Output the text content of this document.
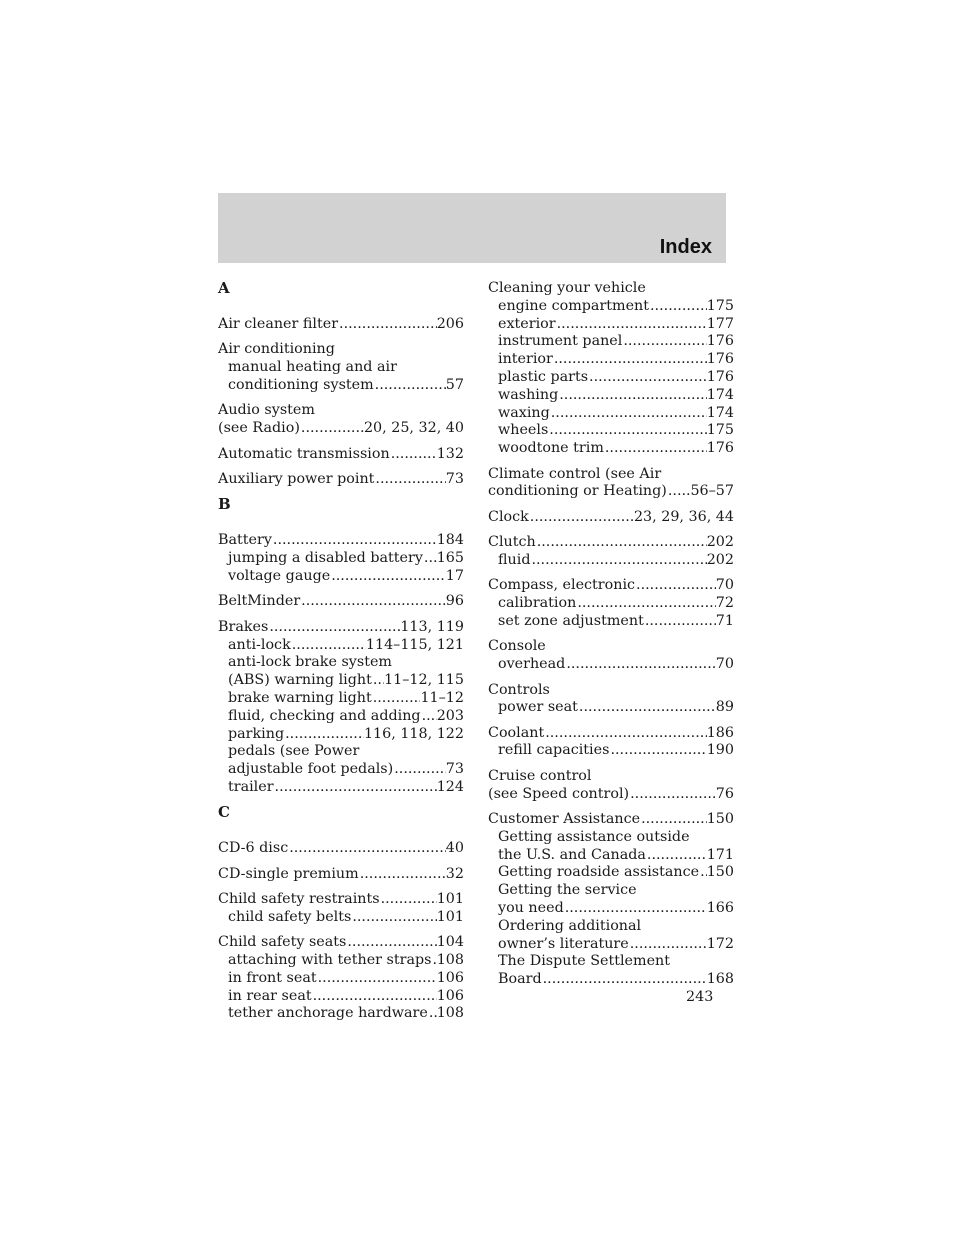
Index
A
Air cleaner filter .....	206
Air conditioning
manual heating and air
conditioning system .....	57
Audio system
(see Radio) .....	20, 25, 32, 40
Automatic transmission .....	132
Auxiliary power point .....	73
B
Battery .....	184
jumping a disabled battery ..... 165
voltage gauge .....	17
BeltMinder .....	96
Brakes .....	113, 119
anti-lock .....	114–115, 121
anti-lock brake system
(ABS) warning light ..... 11–12, 115
brake warning light .....	11–12
fluid, checking and adding ..... 203
parking .....	116, 118, 122
pedals (see Power
adjustable foot pedals) .....	73
trailer .....	124
C
CD-6 disc .....	40
CD-single premium .....	32
Child safety restraints .....	101
child safety belts .....	101
Child safety seats .....	104
attaching with tether straps ..... 108
in front seat .....	106
in rear seat .....	106
tether anchorage hardware ..... 108
Cleaning your vehicle
engine compartment .....	175
exterior .....	177
instrument panel .....	176
interior .....	176
plastic parts .....	176
washing .....	174
waxing .....	174
wheels .....	175
woodtone trim .....	176
Climate control (see Air
conditioning or Heating) ..... 56–57
Clock .....	23, 29, 36, 44
Clutch .....	202
fluid .....	202
Compass, electronic .....	70
calibration .....	72
set zone adjustment .....	71
Console
overhead .....	70
Controls
power seat .....	89
Coolant .....	186
refill capacities .....	190
Cruise control
(see Speed control) .....	76
Customer Assistance .....	150
Getting assistance outside
the U.S. and Canada .....	171
Getting roadside assistance ..... 150
Getting the service
you need .....	166
Ordering additional
owner’s literature .....	172
The Dispute Settlement
Board .....	168
243
